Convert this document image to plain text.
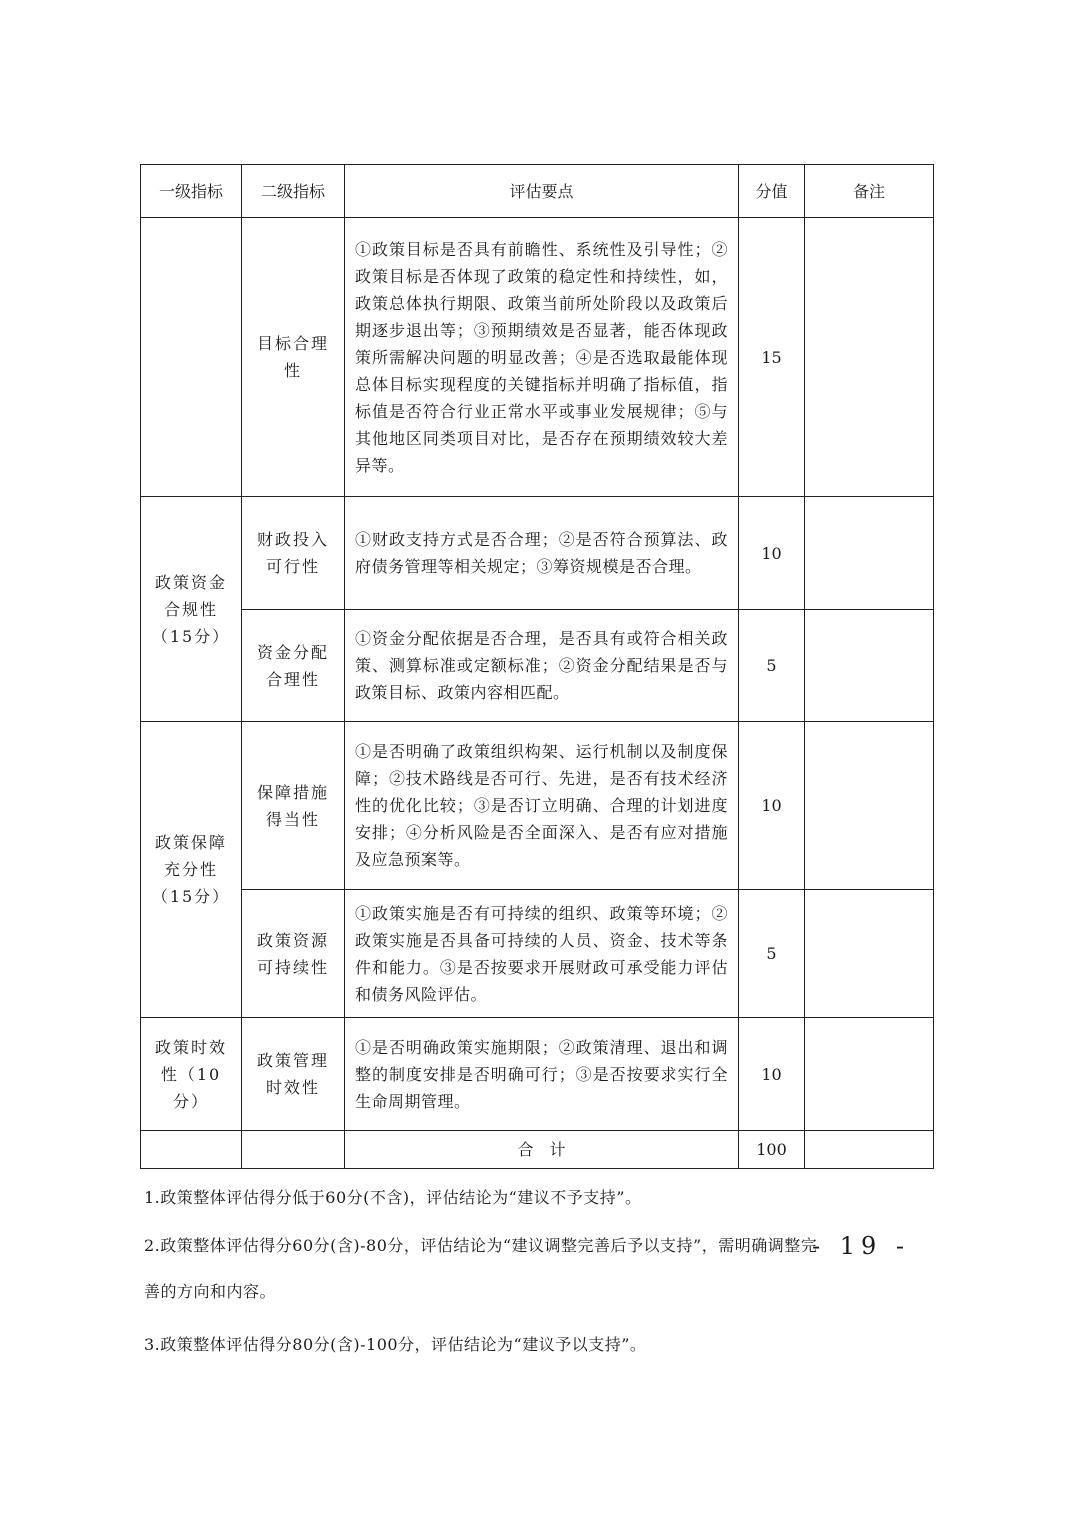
一级指标	二级指标	评估要点	分值	备注
	目标合理性	①政策目标是否具有前瞻性、系统性及引导性；②政策目标是否体现了政策的稳定性和持续性，如，政策总体执行期限、政策当前所处阶段以及政策后期逐步退出等；③预期绩效是否显著，能否体现政策所需解决问题的明显改善；④是否选取最能体现总体目标实现程度的关键指标并明确了指标值，指标值是否符合行业正常水平或事业发展规律；⑤与其他地区同类项目对比，是否存在预期绩效较大差异等。	15	
政策资金合规性（15分）	财政投入可行性	①财政支持方式是否合理；②是否符合预算法、政府债务管理等相关规定；③筹资规模是否合理。	10	
	资金分配合理性	①资金分配依据是否合理，是否具有或符合相关政策、测算标准或定额标准；②资金分配结果是否与政策目标、政策内容相匹配。	5	
政策保障充分性（15分）	保障措施得当性	①是否明确了政策组织构架、运行机制以及制度保障；②技术路线是否可行、先进，是否有技术经济性的优化比较；③是否订立明确、合理的计划进度安排；④分析风险是否全面深入、是否有应对措施及应急预案等。	10	
	政策资源可持续性	①政策实施是否有可持续的组织、政策等环境；②政策实施是否具备可持续的人员、资金、技术等条件和能力。③是否按要求开展财政可承受能力评估和债务风险评估。	5	
政策时效性（10分）	政策管理时效性	①是否明确政策实施期限；②政策清理、退出和调整的制度安排是否明确可行；③是否按要求实行全生命周期管理。	10	
		合　计	100	
1.政策整体评估得分低于60分(不含)，评估结论为“建议不予支持”。
2.政策整体评估得分60分(含)-80分，评估结论为“建议调整完善后予以支持”，需明确调整完
善的方向和内容。
3.政策整体评估得分80分(含)-100分，评估结论为“建议予以支持”。
- 19 -
